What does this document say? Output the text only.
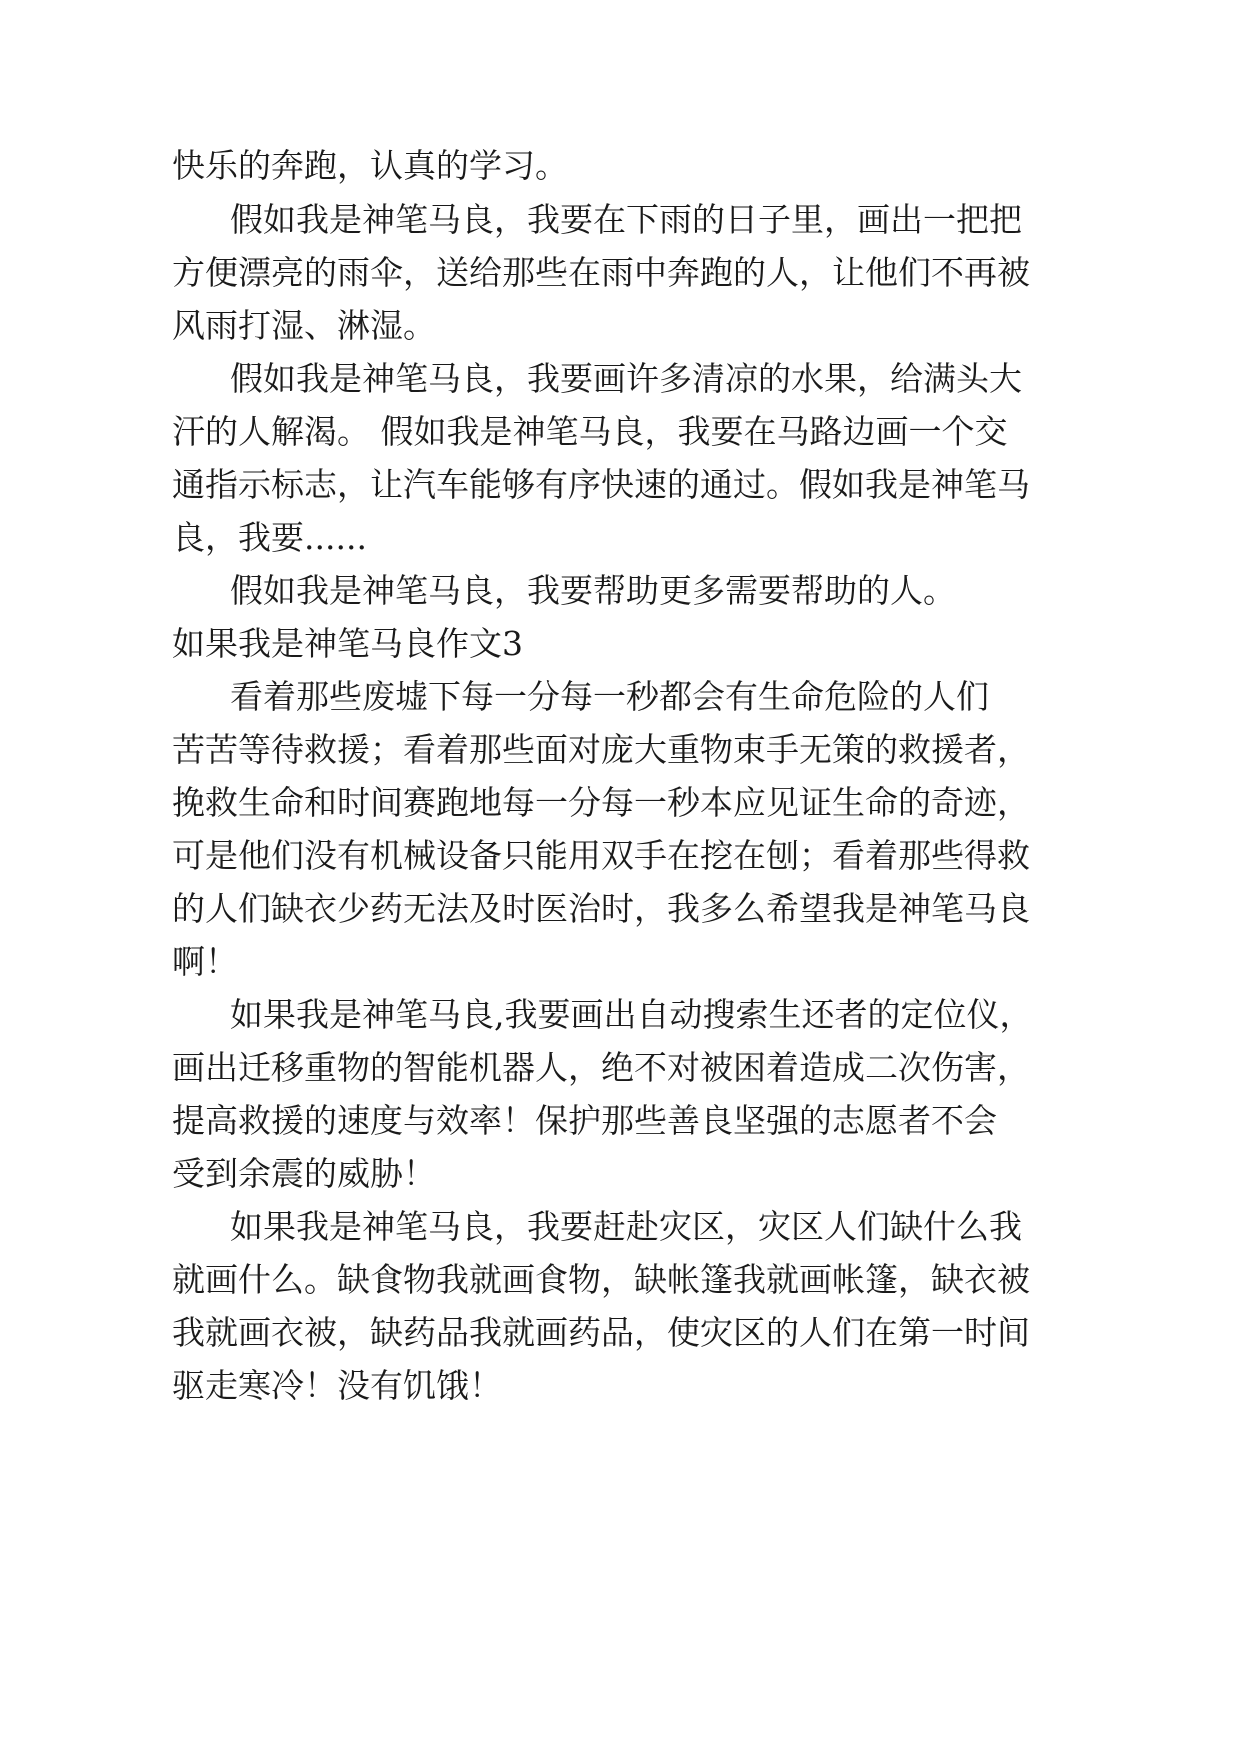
快乐的奔跑，认真的学习。
假如我是神笔马良，我要在下雨的日子里，画出一把把
方便漂亮的雨伞，送给那些在雨中奔跑的人，让他们不再被
风雨打湿、淋湿。
假如我是神笔马良，我要画许多清凉的水果，给满头大
汗的人解渴。 假如我是神笔马良，我要在马路边画一个交
通指示标志，让汽车能够有序快速的通过。假如我是神笔马
良，我要......
假如我是神笔马良，我要帮助更多需要帮助的人。
如果我是神笔马良作文3
看着那些废墟下每一分每一秒都会有生命危险的人们
苦苦等待救援；看着那些面对庞大重物束手无策的救援者，
挽救生命和时间赛跑地每一分每一秒本应见证生命的奇迹，
可是他们没有机械设备只能用双手在挖在刨；看着那些得救
的人们缺衣少药无法及时医治时，我多么希望我是神笔马良
啊！
如果我是神笔马良,我要画出自动搜索生还者的定位仪，
画出迁移重物的智能机器人，绝不对被困着造成二次伤害，
提高救援的速度与效率！保护那些善良坚强的志愿者不会
受到余震的威胁！
如果我是神笔马良，我要赶赴灾区，灾区人们缺什么我
就画什么。缺食物我就画食物，缺帐篷我就画帐篷，缺衣被
我就画衣被，缺药品我就画药品，使灾区的人们在第一时间
驱走寒冷！没有饥饿！
